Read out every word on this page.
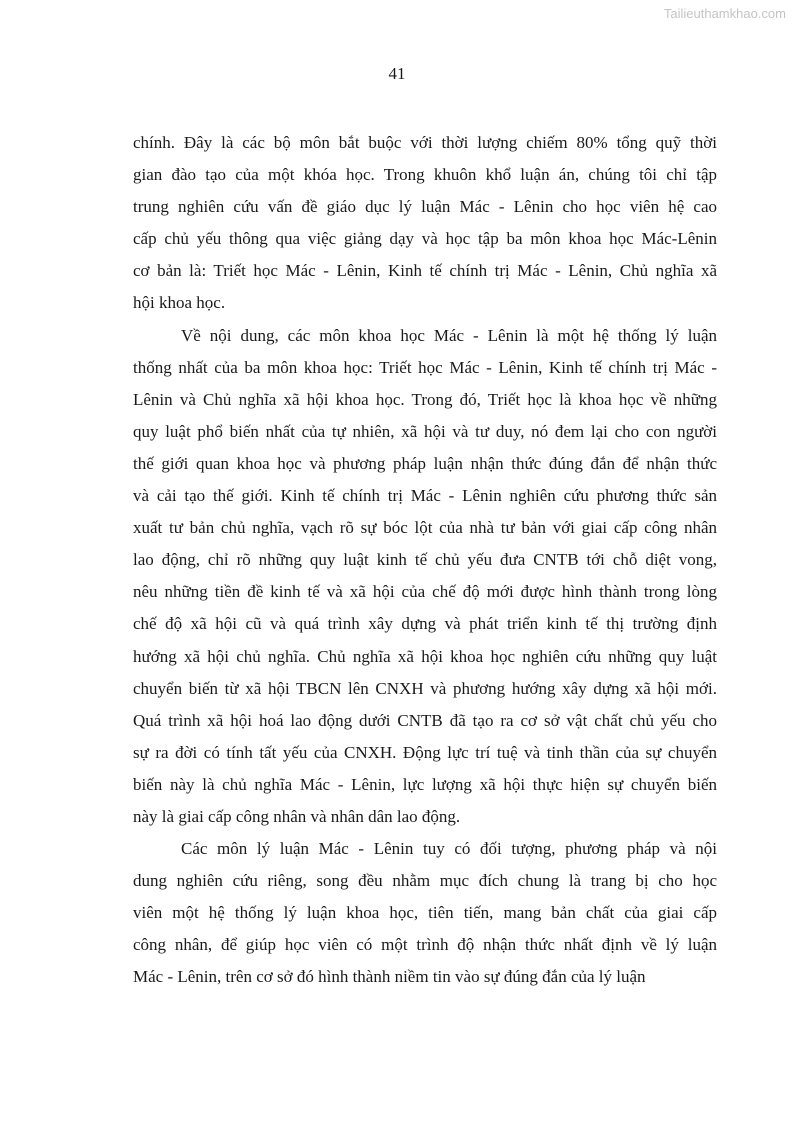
Tailieuthamkhao.com
41
chính. Đây là các bộ môn bắt buộc với thời lượng chiếm 80% tổng quỹ thời
gian đào tạo của một khóa học. Trong khuôn khổ luận án, chúng tôi chỉ tập
trung nghiên cứu vấn đề giáo dục lý luận Mác - Lênin cho học viên hệ cao
cấp chủ yếu thông qua việc giảng dạy và học tập ba môn khoa học Mác-Lênin
cơ bản là: Triết học Mác - Lênin, Kinh tế chính trị Mác - Lênin, Chủ nghĩa xã
hội khoa học.
Về nội dung, các môn khoa học Mác - Lênin là một hệ thống lý luận
thống nhất của ba môn khoa học: Triết học Mác - Lênin, Kinh tế chính trị Mác -
Lênin và Chủ nghĩa xã hội khoa học. Trong đó, Triết học là khoa học về những
quy luật phổ biến nhất của tự nhiên, xã hội và tư duy, nó đem lại cho con người
thế giới quan khoa học và phương pháp luận nhận thức đúng đắn để nhận thức
và cải tạo thế giới. Kinh tế chính trị Mác - Lênin nghiên cứu phương thức sản
xuất tư bản chủ nghĩa, vạch rõ sự bóc lột của nhà tư bản với giai cấp công nhân
lao động, chỉ rõ những quy luật kinh tế chủ yếu đưa CNTB tới chỗ diệt vong,
nêu những tiền đề kinh tế và xã hội của chế độ mới được hình thành trong lòng
chế độ xã hội cũ và quá trình xây dựng và phát triển kinh tế thị trường định
hướng xã hội chủ nghĩa. Chủ nghĩa xã hội khoa học nghiên cứu những quy luật
chuyển biến từ xã hội TBCN lên CNXH và phương hướng xây dựng xã hội mới.
Quá trình xã hội hoá lao động dưới CNTB đã tạo ra cơ sở vật chất chủ yếu cho
sự ra đời có tính tất yếu của CNXH. Động lực trí tuệ và tinh thần của sự chuyển
biến này là chủ nghĩa Mác - Lênin, lực lượng xã hội thực hiện sự chuyển biến
này là giai cấp công nhân và nhân dân lao động.
Các môn lý luận Mác - Lênin tuy có đối tượng, phương pháp và nội
dung nghiên cứu riêng, song đều nhằm mục đích chung là trang bị cho học
viên một hệ thống lý luận khoa học, tiên tiến, mang bản chất của giai cấp
công nhân, để giúp học viên có một trình độ nhận thức nhất định về lý luận
Mác - Lênin, trên cơ sở đó hình thành niềm tin vào sự đúng đắn của lý luận
